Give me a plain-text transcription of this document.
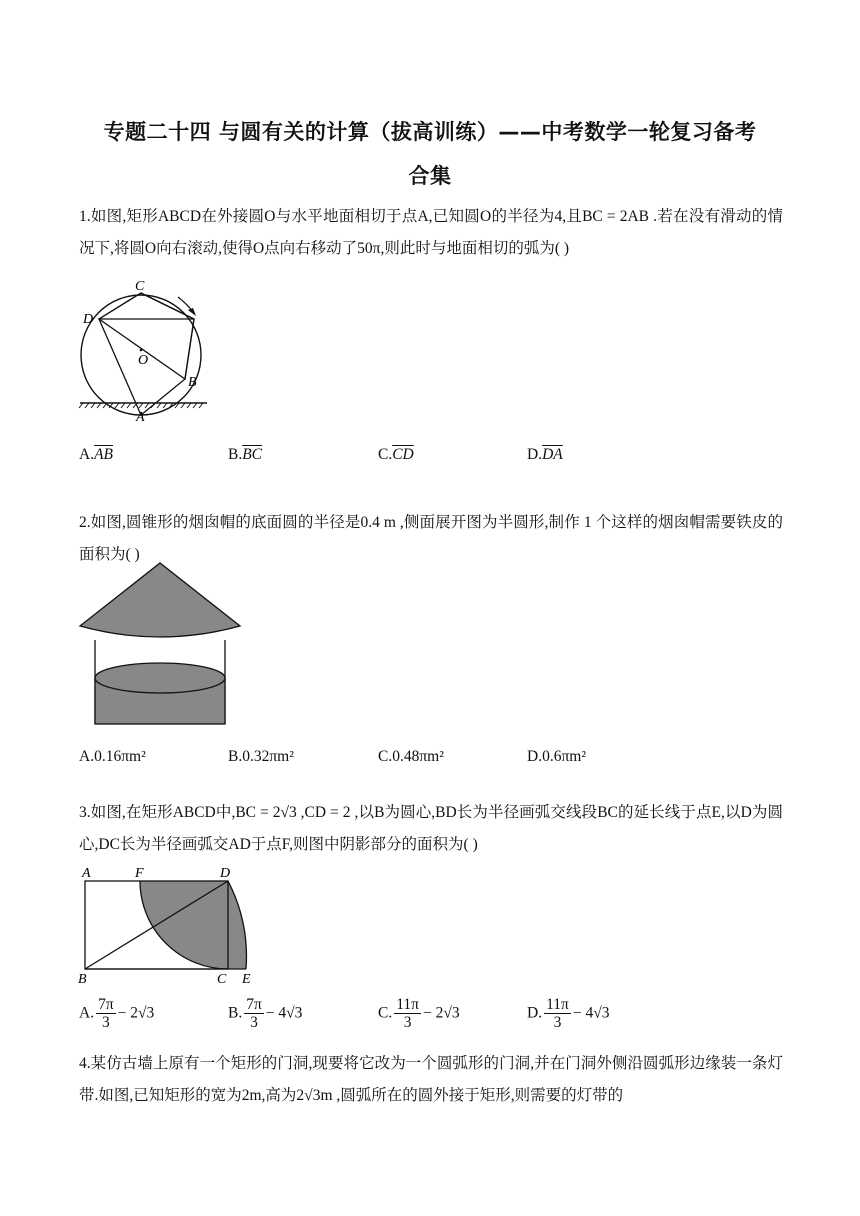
专题二十四 与圆有关的计算（拔高训练）——中考数学一轮复习备考
合集

1.如图,矩形ABCD在外接圆O与水平地面相切于点A,已知圆O的半径为4,且BC = 2AB .若在没有滑动的情况下,将圆O向右滚动,使得O点向右移动了50π,则此时与地面相切的弧为( )

C
D
O
B
A
$A.\overline{AB}$	$B.\overline{BC}$	$C.\overline{CD}$	$D.\overline{DA}$

2.如图,圆锥形的烟囱帽的底面圆的半径是0.4 m ,侧面展开图为半圆形,制作 1 个这样的烟囱帽需要铁皮的面积为( )

A.0.16πm²	B.0.32πm²	C.0.48πm²	D.0.6πm²

3.如图,在矩形ABCD中,BC = 2√3 ,CD = 2 ,以B为圆心,BD长为半径画弧交线段BC的延长线于点E,以D为圆心,DC长为半径画弧交AD于点F,则图中阴影部分的面积为( )

A	F	D
B	C E
A. $\frac{7\pi}{3} - 2√3$	B. $\frac{7\pi}{3} - 4√3$	C. $\frac{11\pi}{3} - 2√3$	D. $\frac{11\pi}{3} - 4√3$

4.某仿古墙上原有一个矩形的门洞,现要将它改为一个圆弧形的门洞,并在门洞外侧沿圆弧形边缘装一条灯带.如图,已知矩形的宽为2m,高为2√3m ,圆弧所在的圆外接于矩形,则需要的灯带的
